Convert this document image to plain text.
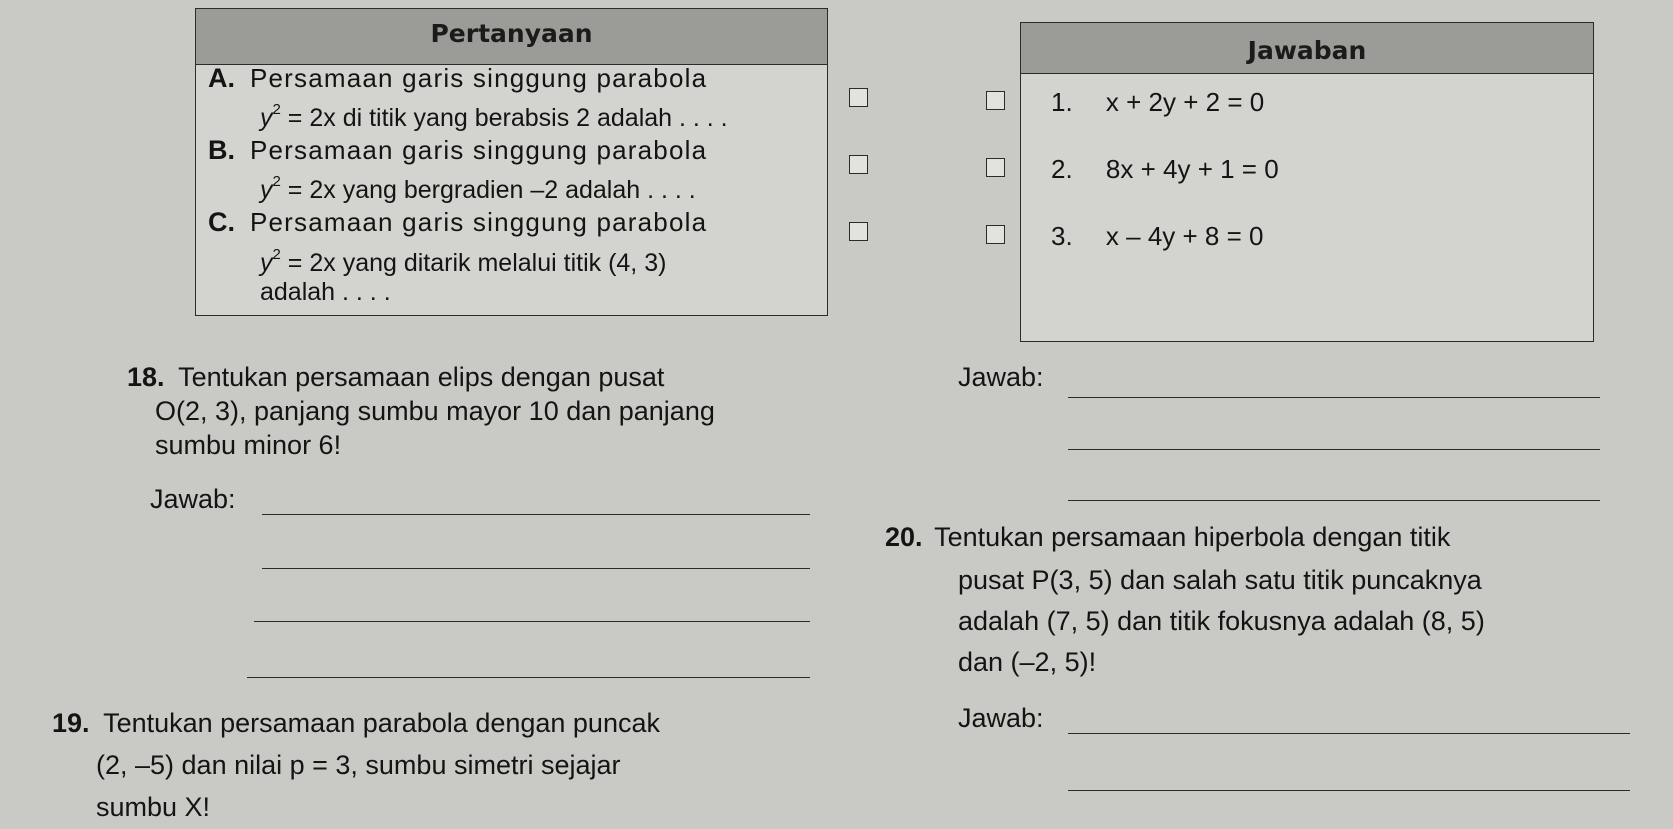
Pertanyaan
A. Persamaan garis singgung parabola
$y^2 = 2x$ di titik yang berabsis 2 adalah . . . .
B. Persamaan garis singgung parabola
$y^2 = 2x$ yang bergradien –2 adalah . . . .
C. Persamaan garis singgung parabola
$y^2 = 2x$ yang ditarik melalui titik (4, 3)
adalah . . . .
Jawaban
1. x + 2y + 2 = 0
2. 8x + 4y + 1 = 0
3. x – 4y + 8 = 0
18. Tentukan persamaan elips dengan pusat
O(2, 3), panjang sumbu mayor 10 dan panjang
sumbu minor 6!
Jawab:
Jawab:
20. Tentukan persamaan hiperbola dengan titik
pusat P(3, 5) dan salah satu titik puncaknya
adalah (7, 5) dan titik fokusnya adalah (8, 5)
dan (–2, 5)!
Jawab:
19. Tentukan persamaan parabola dengan puncak
(2, –5) dan nilai p = 3, sumbu simetri sejajar
sumbu X!
